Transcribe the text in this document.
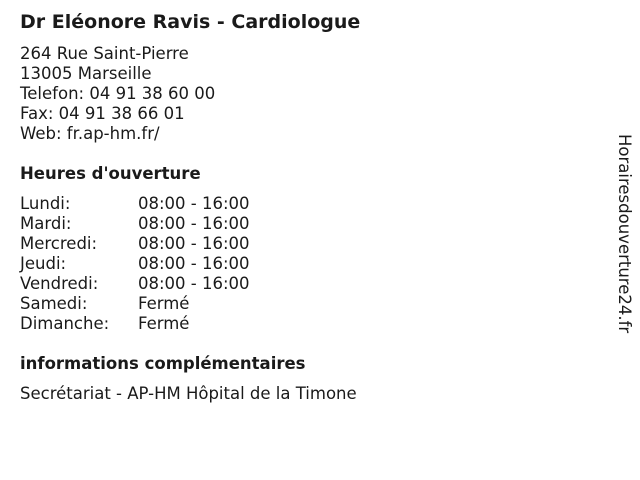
Dr Eléonore Ravis - Cardiologue
264 Rue Saint-Pierre
13005 Marseille
Telefon: 04 91 38 60 00
Fax: 04 91 38 66 01
Web: fr.ap-hm.fr/
Heures d'ouverture
Lundi:	08:00 - 16:00
Mardi:	08:00 - 16:00
Mercredi:	08:00 - 16:00
Jeudi:	08:00 - 16:00
Vendredi:	08:00 - 16:00
Samedi:	Fermé
Dimanche:	Fermé
informations complémentaires
Secrétariat - AP-HM Hôpital de la Timone
Horairesdouverture24.fr
